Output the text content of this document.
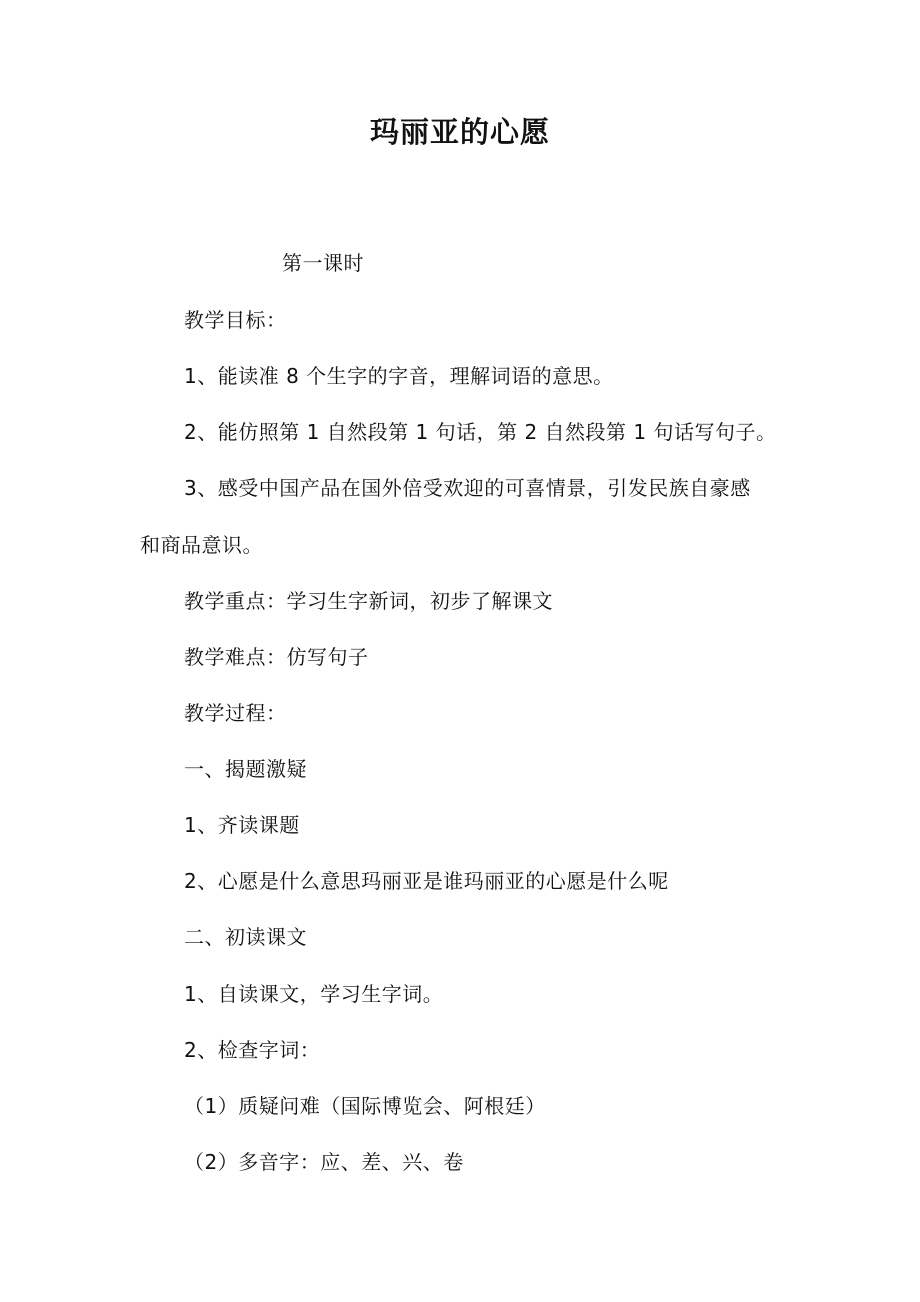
玛丽亚的心愿
第一课时
教学目标：
1、能读准 8 个生字的字音，理解词语的意思。
2、能仿照第 1 自然段第 1 句话，第 2 自然段第 1 句话写句子。
3、感受中国产品在国外倍受欢迎的可喜情景，引发民族自豪感
和商品意识。
教学重点：学习生字新词，初步了解课文
教学难点：仿写句子
教学过程：
一、揭题激疑
1、齐读课题
2、心愿是什么意思玛丽亚是谁玛丽亚的心愿是什么呢
二、初读课文
1、自读课文，学习生字词。
2、检查字词：
（1）质疑问难（国际博览会、阿根廷）
（2）多音字：应、差、兴、卷
